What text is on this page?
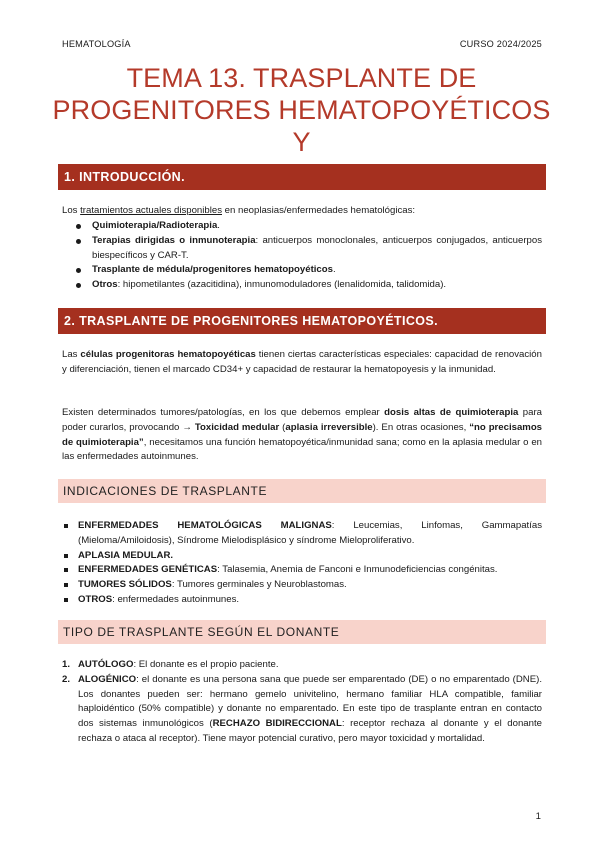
HEMATOLOGÍA	CURSO 2024/2025
TEMA 13. TRASPLANTE DE
PROGENITORES HEMATOPOYÉTICOS Y
1. INTRODUCCIÓN.
Los tratamientos actuales disponibles en neoplasias/enfermedades hematológicas:
Quimioterapia/Radioterapia.
Terapias dirigidas o inmunoterapia: anticuerpos monoclonales, anticuerpos conjugados, anticuerpos biespecíficos y CAR-T.
Trasplante de médula/progenitores hematopoyéticos.
Otros: hipometilantes (azacitidina), inmunomoduladores (lenalidomida, talidomida).
2. TRASPLANTE DE PROGENITORES HEMATOPOYÉTICOS.
Las células progenitoras hematopoyéticas tienen ciertas características especiales: capacidad de renovación y diferenciación, tienen el marcado CD34+ y capacidad de restaurar la hematopoyesis y la inmunidad.
Existen determinados tumores/patologías, en los que debemos emplear dosis altas de quimioterapia para poder curarlos, provocando → Toxicidad medular (aplasia irreversible). En otras ocasiones, “no precisamos de quimioterapia”, necesitamos una función hematopoyética/inmunidad sana; como en la aplasia medular o en las enfermedades autoinmunes.
INDICACIONES DE TRASPLANTE
ENFERMEDADES HEMATOLÓGICAS MALIGNAS: Leucemias, Linfomas, Gammapatías (Mieloma/Amiloidosis), Síndrome Mielodisplásico y síndrome Mieloproliferativo.
APLASIA MEDULAR.
ENFERMEDADES GENÉTICAS: Talasemia, Anemia de Fanconi e Inmunodeficiencias congénitas.
TUMORES SÓLIDOS: Tumores germinales y Neuroblastomas.
OTROS: enfermedades autoinmunes.
TIPO DE TRASPLANTE SEGÚN EL DONANTE
1. AUTÓLOGO: El donante es el propio paciente.
2. ALOGÉNICO: el donante es una persona sana que puede ser emparentado (DE) o no emparentado (DNE). Los donantes pueden ser: hermano gemelo univitelino, hermano familiar HLA compatible, familiar haploidéntico (50% compatible) y donante no emparentado. En este tipo de trasplante entran en contacto dos sistemas inmunológicos (RECHAZO BIDIRECCIONAL: receptor rechaza al donante y el donante rechaza o ataca al receptor). Tiene mayor potencial curativo, pero mayor toxicidad y mortalidad.
1
